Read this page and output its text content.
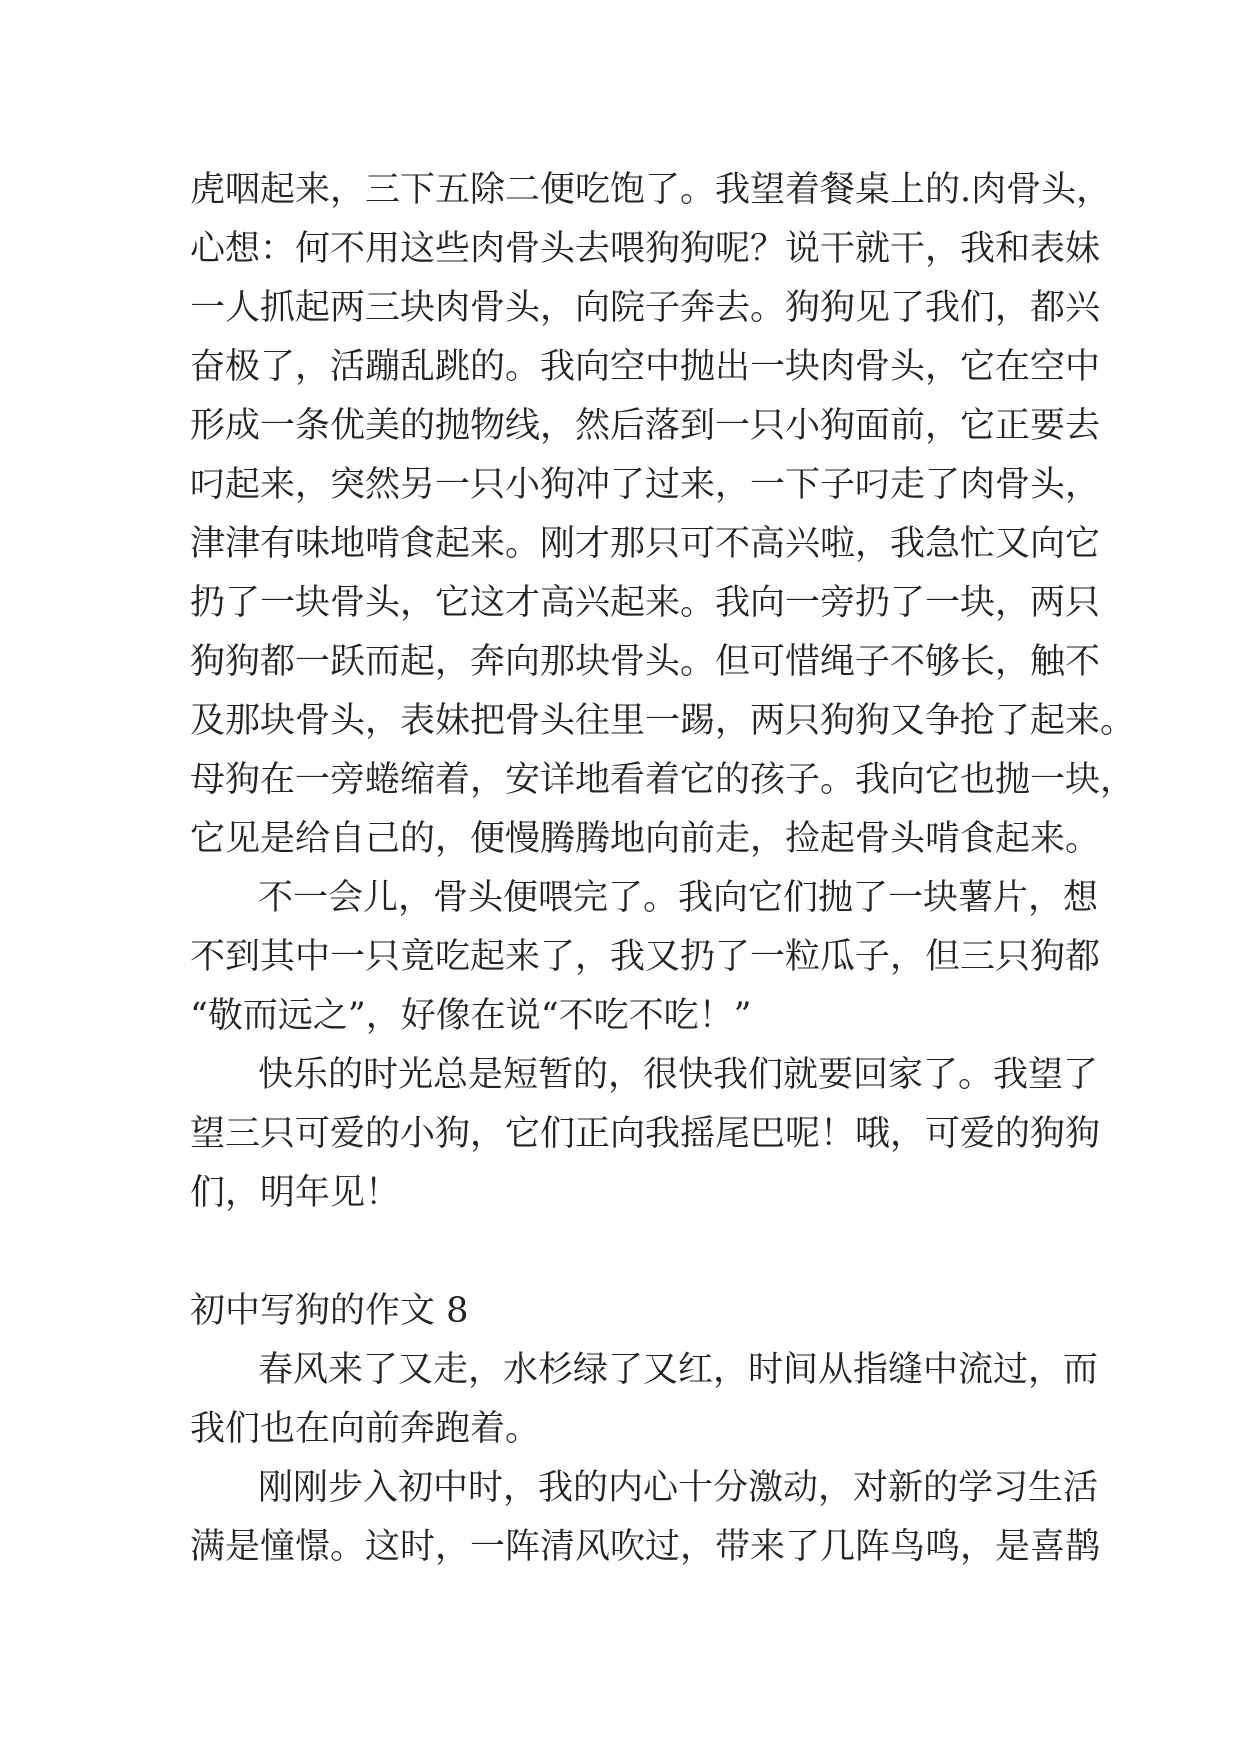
虎咽起来，三下五除二便吃饱了。我望着餐桌上的.肉骨头，
心想：何不用这些肉骨头去喂狗狗呢？说干就干，我和表妹
一人抓起两三块肉骨头，向院子奔去。狗狗见了我们，都兴
奋极了，活蹦乱跳的。我向空中抛出一块肉骨头，它在空中
形成一条优美的抛物线，然后落到一只小狗面前，它正要去
叼起来，突然另一只小狗冲了过来，一下子叼走了肉骨头，
津津有味地啃食起来。刚才那只可不高兴啦，我急忙又向它
扔了一块骨头，它这才高兴起来。我向一旁扔了一块，两只
狗狗都一跃而起，奔向那块骨头。但可惜绳子不够长，触不
及那块骨头，表妹把骨头往里一踢，两只狗狗又争抢了起来。
母狗在一旁蜷缩着，安详地看着它的孩子。我向它也抛一块，
它见是给自己的，便慢腾腾地向前走，捡起骨头啃食起来。
不一会儿，骨头便喂完了。我向它们抛了一块薯片，想
不到其中一只竟吃起来了，我又扔了一粒瓜子，但三只狗都
“敬而远之”，好像在说“不吃不吃！”
快乐的时光总是短暂的，很快我们就要回家了。我望了
望三只可爱的小狗，它们正向我摇尾巴呢！哦，可爱的狗狗
们，明年见！
初中写狗的作文 8
春风来了又走，水杉绿了又红，时间从指缝中流过，而
我们也在向前奔跑着。
刚刚步入初中时，我的内心十分激动，对新的学习生活
满是憧憬。这时，一阵清风吹过，带来了几阵鸟鸣，是喜鹊
